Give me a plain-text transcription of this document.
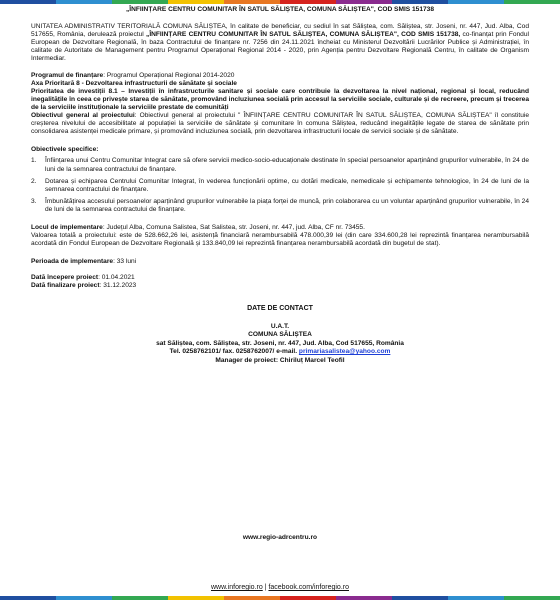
„ÎNFIINȚARE CENTRU COMUNITAR ÎN SATUL SĂLIȘTEA, COMUNA SĂLIȘTEA", COD SMIS 151738

UNITATEA ADMINISTRATIV TERITORIALĂ COMUNA SĂLIȘTEA, în calitate de beneficiar, cu sediul în sat Săliștea, com. Săliștea, str. Joseni, nr. 447, Jud. Alba, Cod 517655, România, derulează proiectul „ÎNFIINȚARE CENTRU COMUNITAR ÎN SATUL SĂLIȘTEA, COMUNA SĂLIȘTEA", COD SMIS 151738, co-finanțat prin Fondul European de Dezvoltare Regională, în baza Contractului de finanțare nr. 7256 din 24.11.2021 încheiat cu Ministerul Dezvoltării Lucrărilor Publice și Administrației, în calitate de Autoritate de Management pentru Programul Operațional Regional 2014 - 2020, prin Agenția pentru Dezvoltare Regională Centru, în calitate de Organism Intermediar.

Programul de finanțare: Programul Operațional Regional 2014-2020

Axa Prioritară 8 - Dezvoltarea infrastructurii de sănătate și sociale

Prioritatea de investiții 8.1 – Investiții în infrastructurile sanitare și sociale care contribuie la dezvoltarea la nivel național, regional și local, reducând inegalitățile în ceea ce privește starea de sănătate, promovând incluziunea socială prin accesul la serviciile sociale, culturale și de recreere, precum și trecerea de la serviciile instituționale la serviciile prestate de comunități

Obiectivul general al proiectului: Obiectivul general al proiectului " ÎNFIINȚARE CENTRU COMUNITAR ÎN SATUL SĂLIȘTEA, COMUNA SĂLIȘTEA" îl constituie creșterea nivelului de accesibilitate al populației la serviciile de sănătate și comunitare în comuna Săliștea, reducând inegalitățile legate de starea de sănătate prin consolidarea asistenței medicale primare, și promovând incluziunea socială, prin dezvoltarea infrastructurii locale de servicii sociale și de sănătate.

Obiectivele specifice:

1. Înființarea unui Centru Comunitar Integrat care să ofere servicii medico-socio-educaționale destinate în special persoanelor aparținând grupurilor vulnerabile, în 24 de luni de la semnarea contractului de finanțare.
2. Dotarea și echiparea Centrului Comunitar Integrat, în vederea funcționării optime, cu dotări medicale, nemedicale și echipamente tehnologice, în 24 de luni de la semnarea contractului de finanțare.
3. Îmbunătățirea accesului persoanelor aparținând grupurilor vulnerabile la piața forței de muncă, prin colaborarea cu un voluntar aparținând grupurilor vulnerabile, în 24 de luni de la semnarea contractului de finanțare.

Locul de implementare: Județul Alba, Comuna Salistea, Sat Salistea, str. Joseni, nr. 447, jud. Alba, CF nr. 73455.

Valoarea totală a proiectului: este de 528.662,26 lei, asistență financiară nerambursabilă 478.000,39 lei (din care 334.600,28 lei reprezintă finanțarea nerambursabilă acordată din Fondul European de Dezvoltare Regională și 133.840,09 lei reprezintă finanțarea nerambursabilă acordată din bugetul de stat).

Perioada de implementare: 33 luni

Dată începere proiect: 01.04.2021

Dată finalizare proiect: 31.12.2023

DATE DE CONTACT
U.A.T.
COMUNA SĂLIȘTEA
sat Săliștea, com. Săliștea, str. Joseni, nr. 447, Jud. Alba, Cod 517655, România
Tel. 0258762101/ fax. 0258762007/ e-mail. primariasalistea@yahoo.com
Manager de proiect: Chiriluț Marcel Teofil
www.regio-adrcentru.ro
www.inforegio.ro | facebook.com/inforegio.ro
